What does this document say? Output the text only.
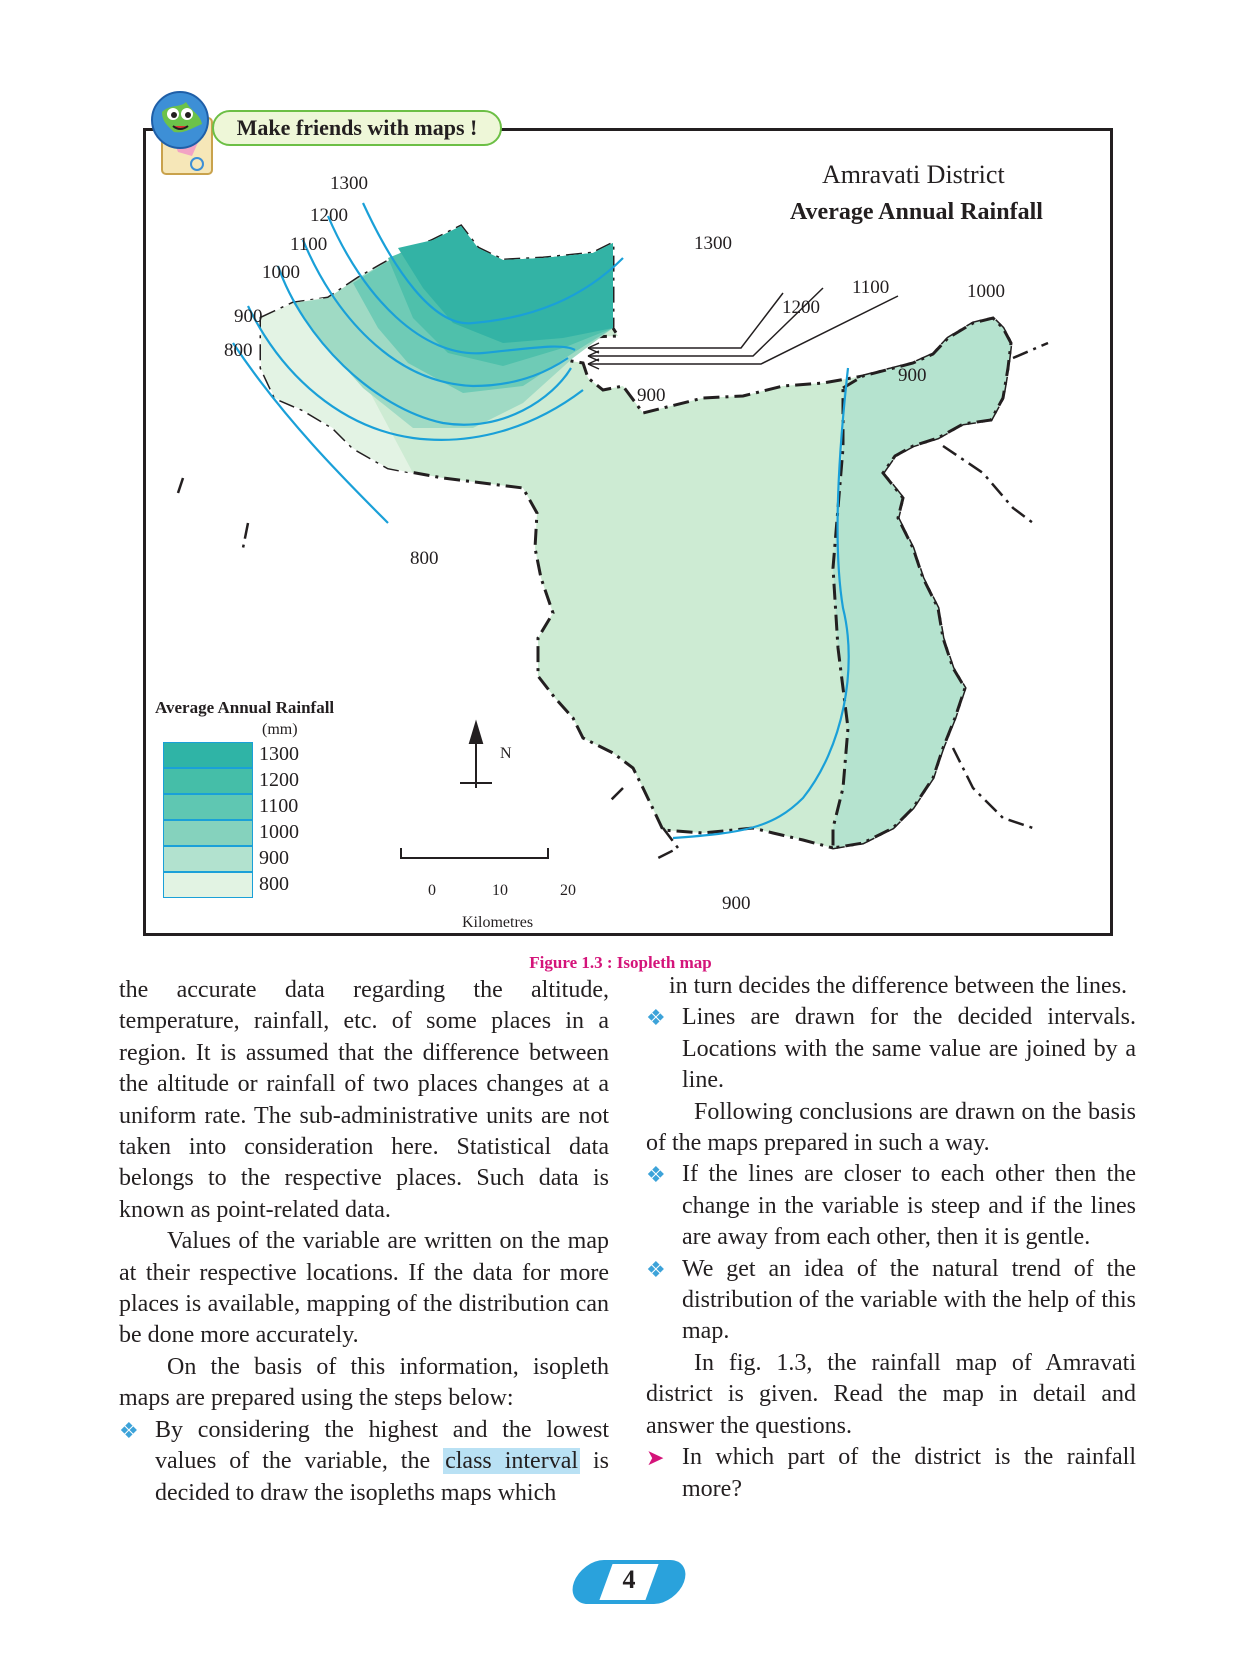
Make friends with maps !
Amravati District
Average Annual Rainfall
1300
1200
1100
1000
900
800
1300
1200
1100	1000
900
900
800
900
Average Annual Rainfall
(mm)
1300
1200
1100
1000
900
800
N
0	10	20
Kilometres
Figure 1.3 : Isopleth map

the accurate data regarding the altitude, temperature, rainfall, etc. of some places in a region. It is assumed that the difference between the altitude or rainfall of two places changes at a uniform rate. The sub-administrative units are not taken into consideration here. Statistical data belongs to the respective places. Such data is known as point-related data.

Values of the variable are written on the map at their respective locations. If the data for more places is available, mapping of the distribution can be done more accurately.

On the basis of this information, isopleth maps are prepared using the steps below:

❖ By considering the highest and the lowest values of the variable, the class interval is decided to draw the isopleths maps which

in turn decides the difference between the lines.

❖ Lines are drawn for the decided intervals. Locations with the same value are joined by a line.

Following conclusions are drawn on the basis of the maps prepared in such a way.

❖ If the lines are closer to each other then the change in the variable is steep and if the lines are away from each other, then it is gentle.

❖ We get an idea of the natural trend of the distribution of the variable with the help of this map.

In fig. 1.3, the rainfall map of Amravati district is given. Read the map in detail and answer the questions.

➤ In which part of the district is the rainfall more?

4
